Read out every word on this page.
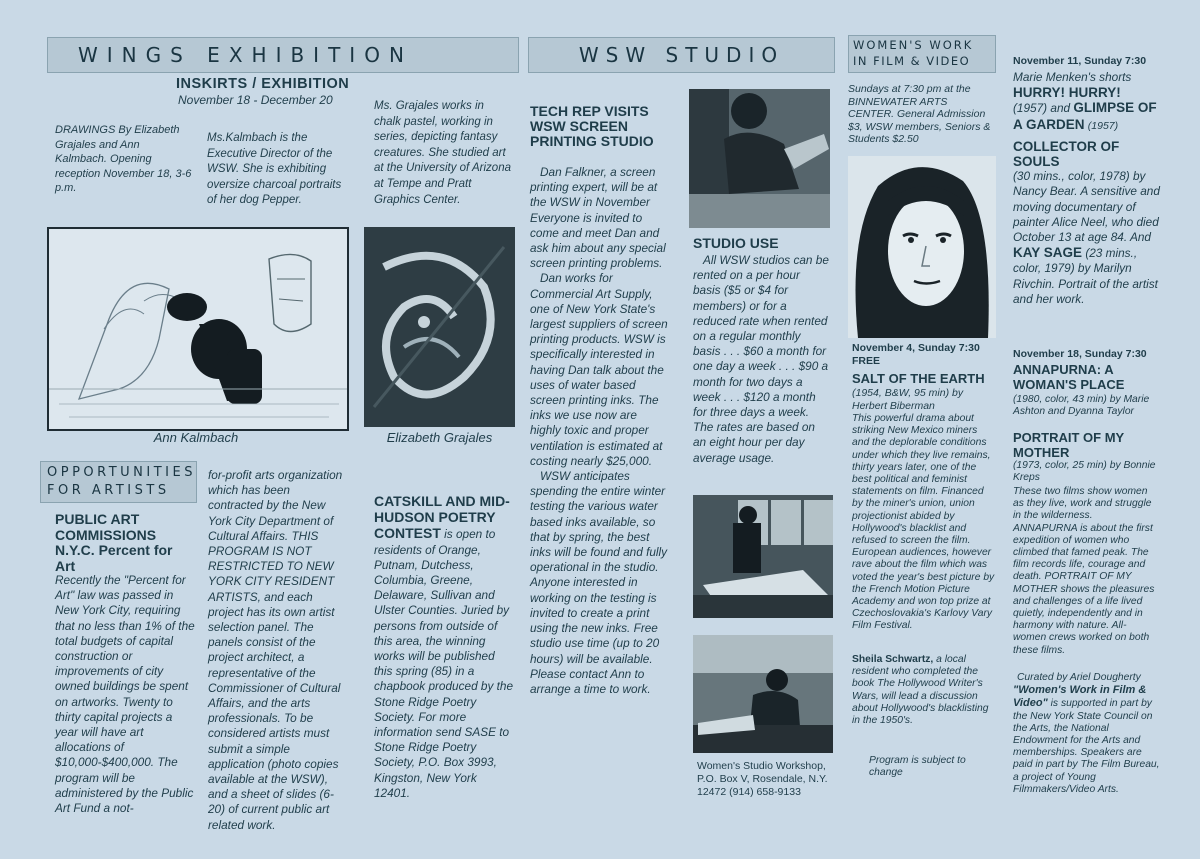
WINGS EXHIBITION
INSKIRTS / EXHIBITION
November 18 - December 20
DRAWINGS By Elizabeth Grajales and Ann Kalmbach. Opening reception November 18, 3-6 p.m.
Ms.Kalmbach is the Executive Director of the WSW. She is exhibiting oversize charcoal portraits of her dog Pepper.
Ms. Grajales works in chalk pastel, working in series, depicting fantasy creatures. She studied art at the University of Arizona at Tempe and Pratt Graphics Center.
Ann Kalmbach	Elizabeth Grajales
OPPORTUNITIES
FOR ARTISTS
PUBLIC ART COMMISSIONS N.Y.C. Percent for Art
Recently the "Percent for Art" law was passed in New York City, requiring that no less than 1% of the total budgets of capital construction or improvements of city owned buildings be spent on artworks. Twenty to thirty capital projects a year will have art allocations of $10,000-$400,000. The program will be administered by the Public Art Fund a not-
for-profit arts organization which has been contracted by the New York City Department of Cultural Affairs. THIS PROGRAM IS NOT RESTRICTED TO NEW YORK CITY RESIDENT ARTISTS, and each project has its own artist selection panel. The panels consist of the project architect, a representative of the Commissioner of Cultural Affairs, and the arts professionals. To be considered artists must submit a simple application (photo copies available at the WSW), and a sheet of slides (6-20) of current public art related work.
CATSKILL AND MID-HUDSON POETRY CONTEST is open to residents of Orange, Putnam, Dutchess, Columbia, Greene, Delaware, Sullivan and Ulster Counties. Juried by persons from outside of this area, the winning works will be published this spring (85) in a chapbook produced by the Stone Ridge Poetry Society. For more information send SASE to Stone Ridge Poetry Society, P.O. Box 3993, Kingston, New York 12401.
WSW STUDIO
TECH REP VISITS WSW SCREEN PRINTING STUDIO
Dan Falkner, a screen printing expert, will be at the WSW in November
Everyone is invited to come and meet Dan and ask him about any special screen printing problems.
Dan works for Commercial Art Supply, one of New York State's largest suppliers of screen printing products. WSW is specifically interested in having Dan talk about the uses of water based screen printing inks. The inks we use now are highly toxic and proper ventilation is estimated at costing nearly $25,000.
WSW anticipates spending the entire winter testing the various water based inks available, so that by spring, the best inks will be found and fully operational in the studio. Anyone interested in working on the testing is invited to create a print using the new inks. Free studio use time (up to 20 hours) will be available. Please contact Ann to arrange a time to work.
STUDIO USE
All WSW studios can be rented on a per hour basis ($5 or $4 for members) or for a reduced rate when rented on a regular monthly basis . . . $60 a month for one day a week . . . $90 a month for two days a week . . . $120 a month for three days a week. The rates are based on an eight hour per day average usage.
Women's Studio Workshop, P.O. Box V, Rosendale, N.Y. 12472 (914) 658-9133
WOMEN'S WORK
IN FILM & VIDEO
Sundays at 7:30 pm at the BINNEWATER ARTS CENTER. General Admission $3, WSW members, Seniors & Students $2.50
November 4, Sunday 7:30
FREE
SALT OF THE EARTH
(1954, B&W, 95 min) by Herbert Biberman
This powerful drama about striking New Mexico miners and the deplorable conditions under which they live remains, thirty years later, one of the best political and feminist statements on film. Financed by the miner's union, union projectionist abided by Hollywood's blacklist and refused to screen the film. European audiences, however rave about the film which was voted the year's best picture by the French Motion Picture Academy and won top prize at Czechoslovakia's Karlovy Vary Film Festival.
Sheila Schwartz, a local resident who completed the book The Hollywood Writer's Wars, will lead a discussion about Hollywood's blacklisting in the 1950's.
Program is subject to change
November 11, Sunday 7:30
Marie Menken's shorts
HURRY! HURRY!
(1957) and GLIMPSE OF A GARDEN (1957)
COLLECTOR OF SOULS
(30 mins., color, 1978) by Nancy Bear. A sensitive and moving documentary of painter Alice Neel, who died October 13 at age 84. And KAY SAGE (23 mins., color, 1979) by Marilyn Rivchin. Portrait of the artist and her work.
November 18, Sunday 7:30
ANNAPURNA: A WOMAN'S PLACE
(1980, color, 43 min) by Marie Ashton and Dyanna Taylor
PORTRAIT OF MY MOTHER
(1973, color, 25 min) by Bonnie Kreps
These two films show women as they live, work and struggle in the wilderness. ANNAPURNA is about the first expedition of women who climbed that famed peak. The film records life, courage and death. PORTRAIT OF MY MOTHER shows the pleasures and challenges of a life lived quietly, independently and in harmony with nature. All-women crews worked on both these films.
Curated by Ariel Dougherty
"Women's Work in Film & Video" is supported in part by the New York State Council on the Arts, the National Endowment for the Arts and memberships. Speakers are paid in part by The Film Bureau, a project of Young Filmmakers/Video Arts.
